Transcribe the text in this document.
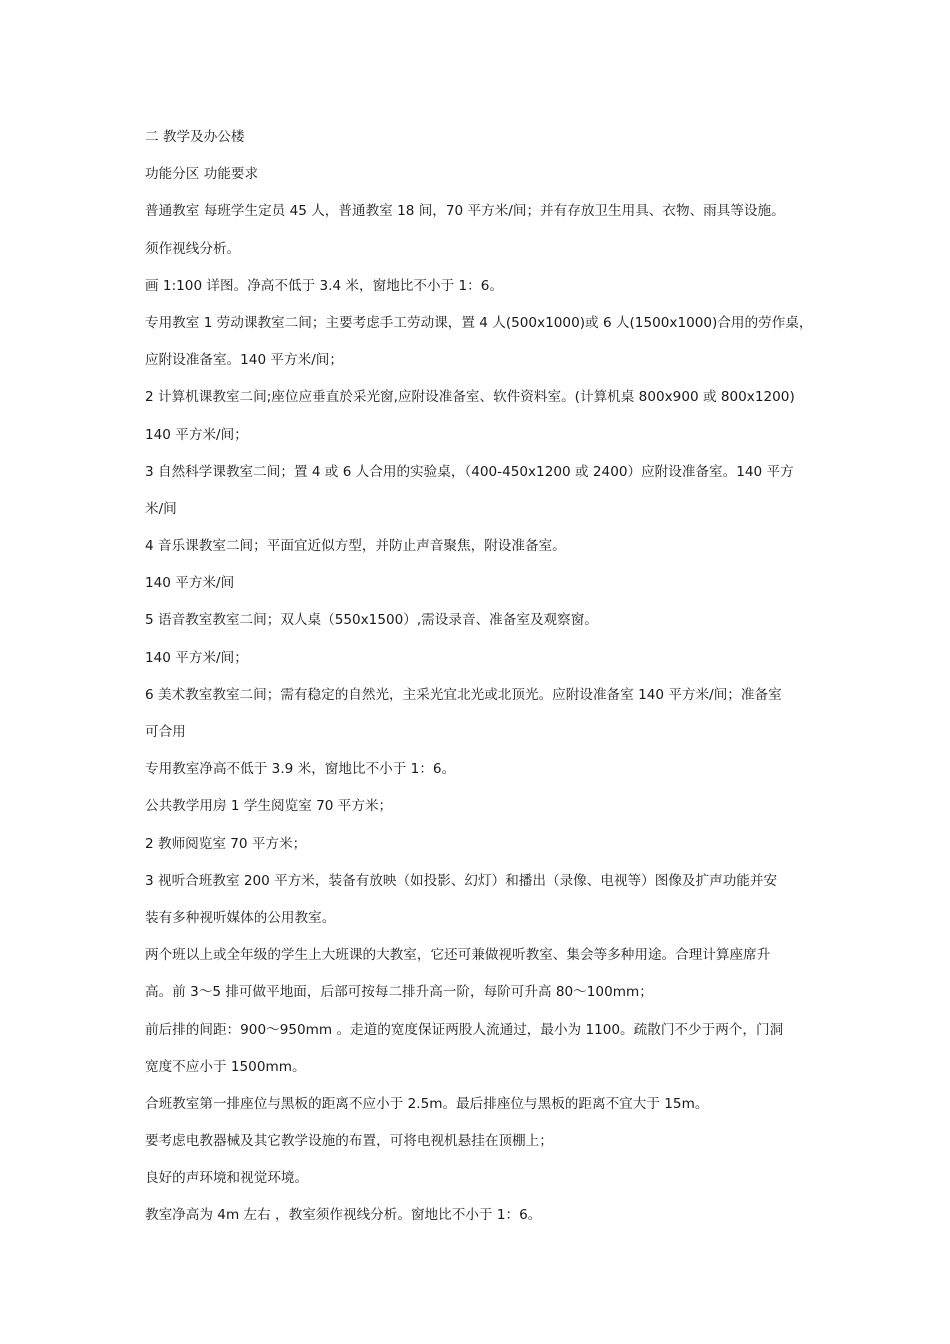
二 教学及办公楼
功能分区 功能要求
普通教室 每班学生定员 45 人，普通教室 18 间，70 平方米/间；并有存放卫生用具、衣物、雨具等设施。
须作视线分析。
画 1:100 详图。净高不低于 3.4 米，窗地比不小于 1：6。
专用教室 1 劳动课教室二间；主要考虑手工劳动课，置 4 人(500x1000)或 6 人(1500x1000)合用的劳作桌，
应附设准备室。140 平方米/间；
2 计算机课教室二间;座位应垂直於采光窗,应附设准备室、软件资料室。(计算机桌 800x900 或 800x1200)
140 平方米/间；
3 自然科学课教室二间；置 4 或 6 人合用的实验桌，（400-450x1200 或 2400）应附设准备室。140 平方
米/间
4 音乐课教室二间；平面宜近似方型，并防止声音聚焦，附设准备室。
140 平方米/间
5 语音教室教室二间；双人桌（550x1500）,需设录音、准备室及观察窗。
140 平方米/间；
6 美术教室教室二间；需有稳定的自然光，主采光宜北光或北顶光。应附设准备室 140 平方米/间；准备室
可合用
专用教室净高不低于 3.9 米，窗地比不小于 1：6。
公共教学用房 1 学生阅览室 70 平方米；
2 教师阅览室 70 平方米；
3 视听合班教室 200 平方米，装备有放映（如投影、幻灯）和播出（录像、电视等）图像及扩声功能并安
装有多种视听媒体的公用教室。
两个班以上或全年级的学生上大班课的大教室，它还可兼做视听教室、集会等多种用途。合理计算座席升
高。前 3～5 排可做平地面，后部可按每二排升高一阶，每阶可升高 80～100mm；
前后排的间距：900～950mm 。走道的宽度保证两股人流通过，最小为 1100。疏散门不少于两个，门洞
宽度不应小于 1500mm。
合班教室第一排座位与黑板的距离不应小于 2.5m。最后排座位与黑板的距离不宜大于 15m。
要考虑电教器械及其它教学设施的布置，可将电视机悬挂在顶棚上；
良好的声环境和视觉环境。
教室净高为 4m 左右 ，教室须作视线分析。窗地比不小于 1：6。
